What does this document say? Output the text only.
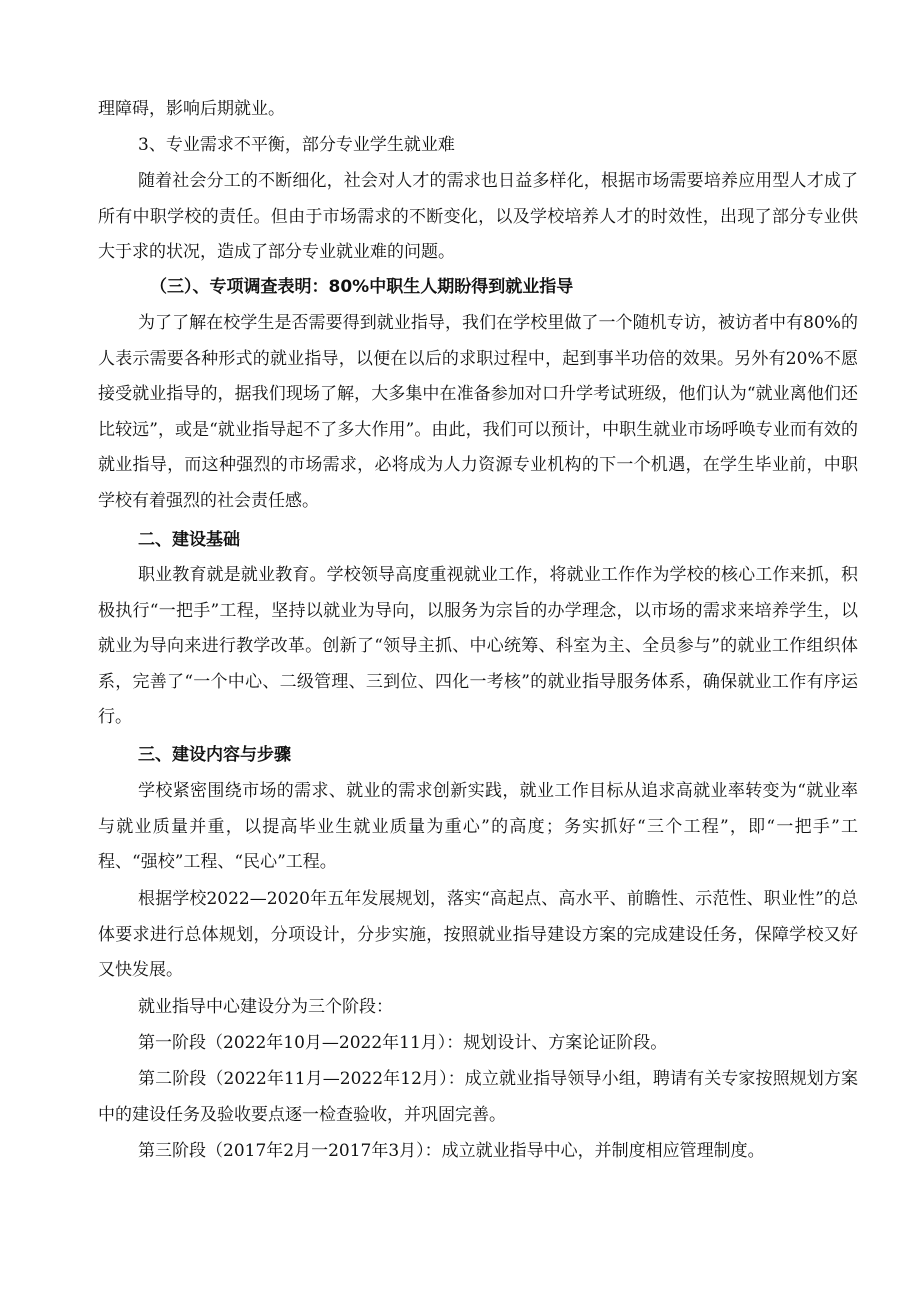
理障碍，影响后期就业。

3、专业需求不平衡，部分专业学生就业难

随着社会分工的不断细化，社会对人才的需求也日益多样化，根据市场需要培养应用型人才成了所有中职学校的责任。但由于市场需求的不断变化，以及学校培养人才的时效性，出现了部分专业供大于求的状况，造成了部分专业就业难的问题。

（三）、专项调查表明：80%中职生人期盼得到就业指导

为了了解在校学生是否需要得到就业指导，我们在学校里做了一个随机专访，被访者中有80%的人表示需要各种形式的就业指导，以便在以后的求职过程中，起到事半功倍的效果。另外有20%不愿接受就业指导的，据我们现场了解，大多集中在准备参加对口升学考试班级，他们认为“就业离他们还比较远”，或是“就业指导起不了多大作用”。由此，我们可以预计，中职生就业市场呼唤专业而有效的就业指导，而这种强烈的市场需求，必将成为人力资源专业机构的下一个机遇，在学生毕业前，中职学校有着强烈的社会责任感。

二、建设基础

职业教育就是就业教育。学校领导高度重视就业工作，将就业工作作为学校的核心工作来抓，积极执行“一把手”工程，坚持以就业为导向，以服务为宗旨的办学理念，以市场的需求来培养学生，以就业为导向来进行教学改革。创新了“领导主抓、中心统筹、科室为主、全员参与”的就业工作组织体系，完善了“一个中心、二级管理、三到位、四化一考核”的就业指导服务体系，确保就业工作有序运行。

三、建设内容与步骤

学校紧密围绕市场的需求、就业的需求创新实践，就业工作目标从追求高就业率转变为“就业率与就业质量并重，以提高毕业生就业质量为重心”的高度；务实抓好“三个工程”，即“一把手”工程、“强校”工程、“民心”工程。

根据学校2022—2020年五年发展规划，落实“高起点、高水平、前瞻性、示范性、职业性”的总体要求进行总体规划，分项设计，分步实施，按照就业指导建设方案的完成建设任务，保障学校又好又快发展。

就业指导中心建设分为三个阶段：

第一阶段（2022年10月—2022年11月）：规划设计、方案论证阶段。

第二阶段（2022年11月—2022年12月）：成立就业指导领导小组，聘请有关专家按照规划方案中的建设任务及验收要点逐一检查验收，并巩固完善。

第三阶段（2017年2月一2017年3月）：成立就业指导中心，并制度相应管理制度。
